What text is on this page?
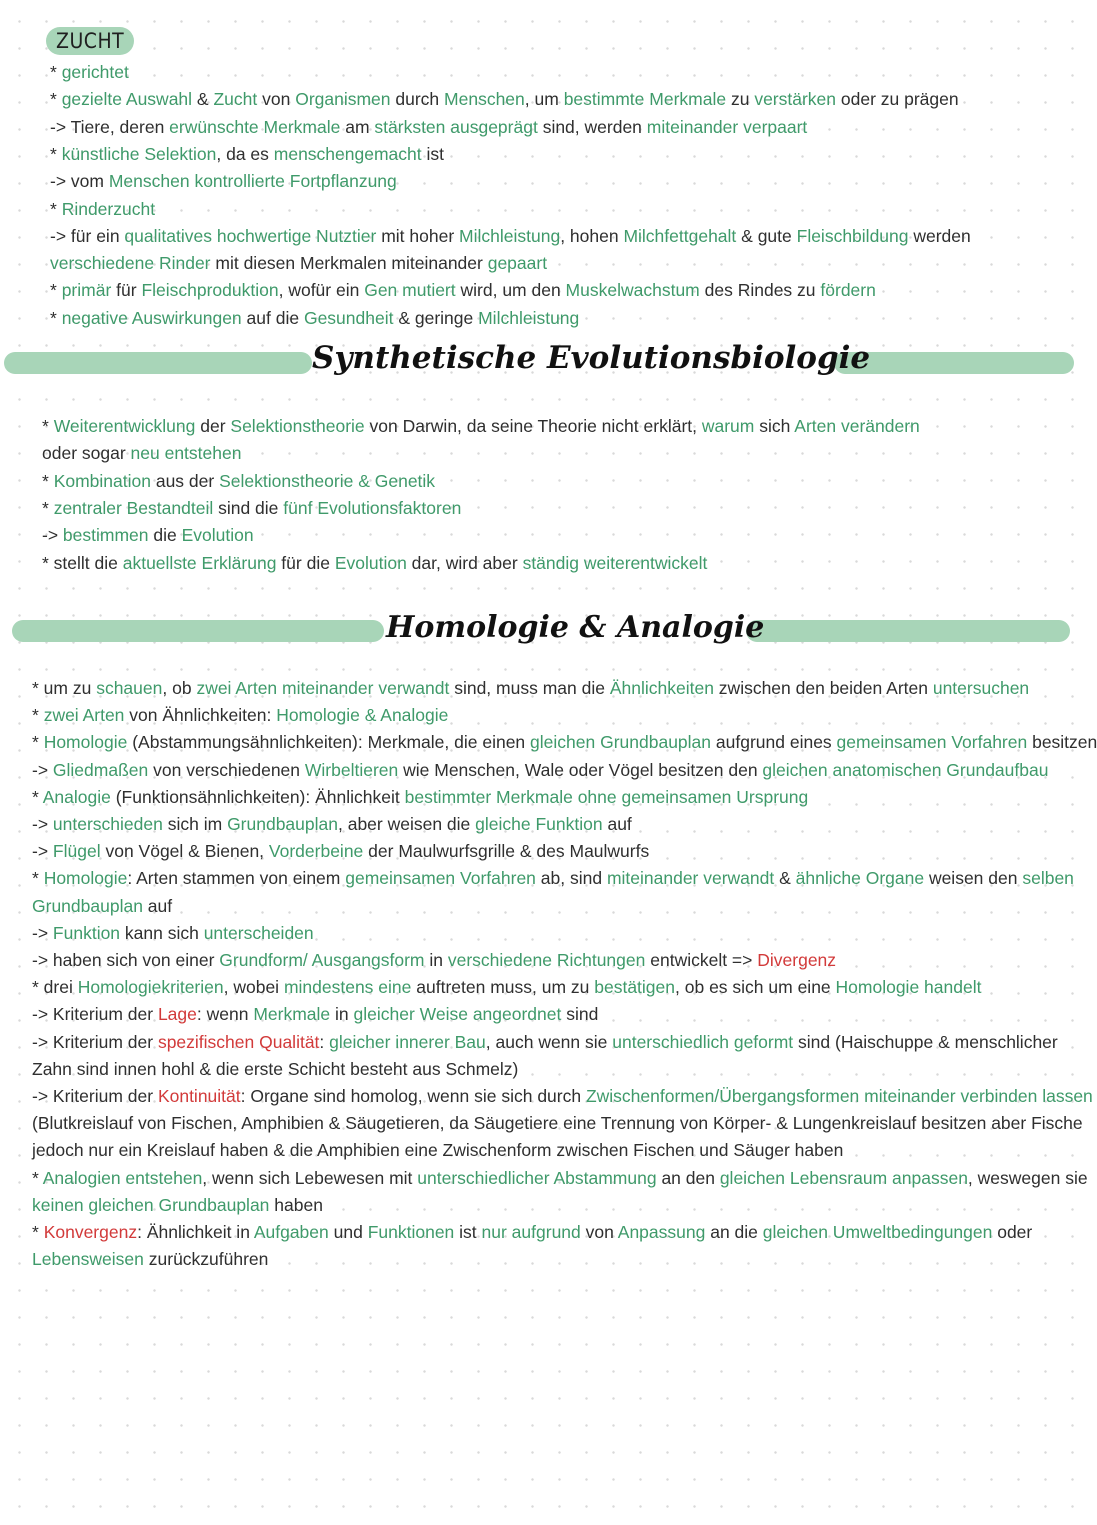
ZUCHT
* gerichtet
* gezielte Auswahl & Zucht von Organismen durch Menschen, um bestimmte Merkmale zu verstärken oder zu prägen
-> Tiere, deren erwünschte Merkmale am stärksten ausgeprägt sind, werden miteinander verpaart
* künstliche Selektion, da es menschengemacht ist
-> vom Menschen kontrollierte Fortpflanzung
* Rinderzucht
-> für ein qualitatives hochwertige Nutztier mit hoher Milchleistung, hohen Milchfettgehalt & gute Fleischbildung werden
verschiedene Rinder mit diesen Merkmalen miteinander gepaart
* primär für Fleischproduktion, wofür ein Gen mutiert wird, um den Muskelwachstum des Rindes zu fördern
* negative Auswirkungen auf die Gesundheit & geringe Milchleistung
Synthetische Evolutionsbiologie
* Weiterentwicklung der Selektionstheorie von Darwin, da seine Theorie nicht erklärt, warum sich Arten verändern
oder sogar neu entstehen
* Kombination aus der Selektionstheorie & Genetik
* zentraler Bestandteil sind die fünf Evolutionsfaktoren
-> bestimmen die Evolution
* stellt die aktuellste Erklärung für die Evolution dar, wird aber ständig weiterentwickelt
Homologie & Analogie
* um zu schauen, ob zwei Arten miteinander verwandt sind, muss man die Ähnlichkeiten zwischen den beiden Arten untersuchen
* zwei Arten von Ähnlichkeiten: Homologie & Analogie
* Homologie (Abstammungsähnlichkeiten): Merkmale, die einen gleichen Grundbauplan aufgrund eines gemeinsamen Vorfahren besitzen
-> Gliedmaßen von verschiedenen Wirbeltieren wie Menschen, Wale oder Vögel besitzen den gleichen anatomischen Grundaufbau
* Analogie (Funktionsähnlichkeiten): Ähnlichkeit bestimmter Merkmale ohne gemeinsamen Ursprung
-> unterschieden sich im Grundbauplan, aber weisen die gleiche Funktion auf
-> Flügel von Vögel & Bienen, Vorderbeine der Maulwurfsgrille & des Maulwurfs
* Homologie: Arten stammen von einem gemeinsamen Vorfahren ab, sind miteinander verwandt & ähnliche Organe weisen den selben
Grundbauplan auf
-> Funktion kann sich unterscheiden
-> haben sich von einer Grundform/ Ausgangsform in verschiedene Richtungen entwickelt => Divergenz
* drei Homologiekriterien, wobei mindestens eine auftreten muss, um zu bestätigen, ob es sich um eine Homologie handelt
-> Kriterium der Lage: wenn Merkmale in gleicher Weise angeordnet sind
-> Kriterium der spezifischen Qualität: gleicher innerer Bau, auch wenn sie unterschiedlich geformt sind (Haischuppe & menschlicher
Zahn sind innen hohl & die erste Schicht besteht aus Schmelz)
-> Kriterium der Kontinuität: Organe sind homolog, wenn sie sich durch Zwischenformen/Übergangsformen miteinander verbinden lassen
(Blutkreislauf von Fischen, Amphibien & Säugetieren, da Säugetiere eine Trennung von Körper- & Lungenkreislauf besitzen aber Fische
jedoch nur ein Kreislauf haben & die Amphibien eine Zwischenform zwischen Fischen und Säuger haben
* Analogien entstehen, wenn sich Lebewesen mit unterschiedlicher Abstammung an den gleichen Lebensraum anpassen, weswegen sie
keinen gleichen Grundbauplan haben
* Konvergenz: Ähnlichkeit in Aufgaben und Funktionen ist nur aufgrund von Anpassung an die gleichen Umweltbedingungen oder
Lebensweisen zurückzuführen
